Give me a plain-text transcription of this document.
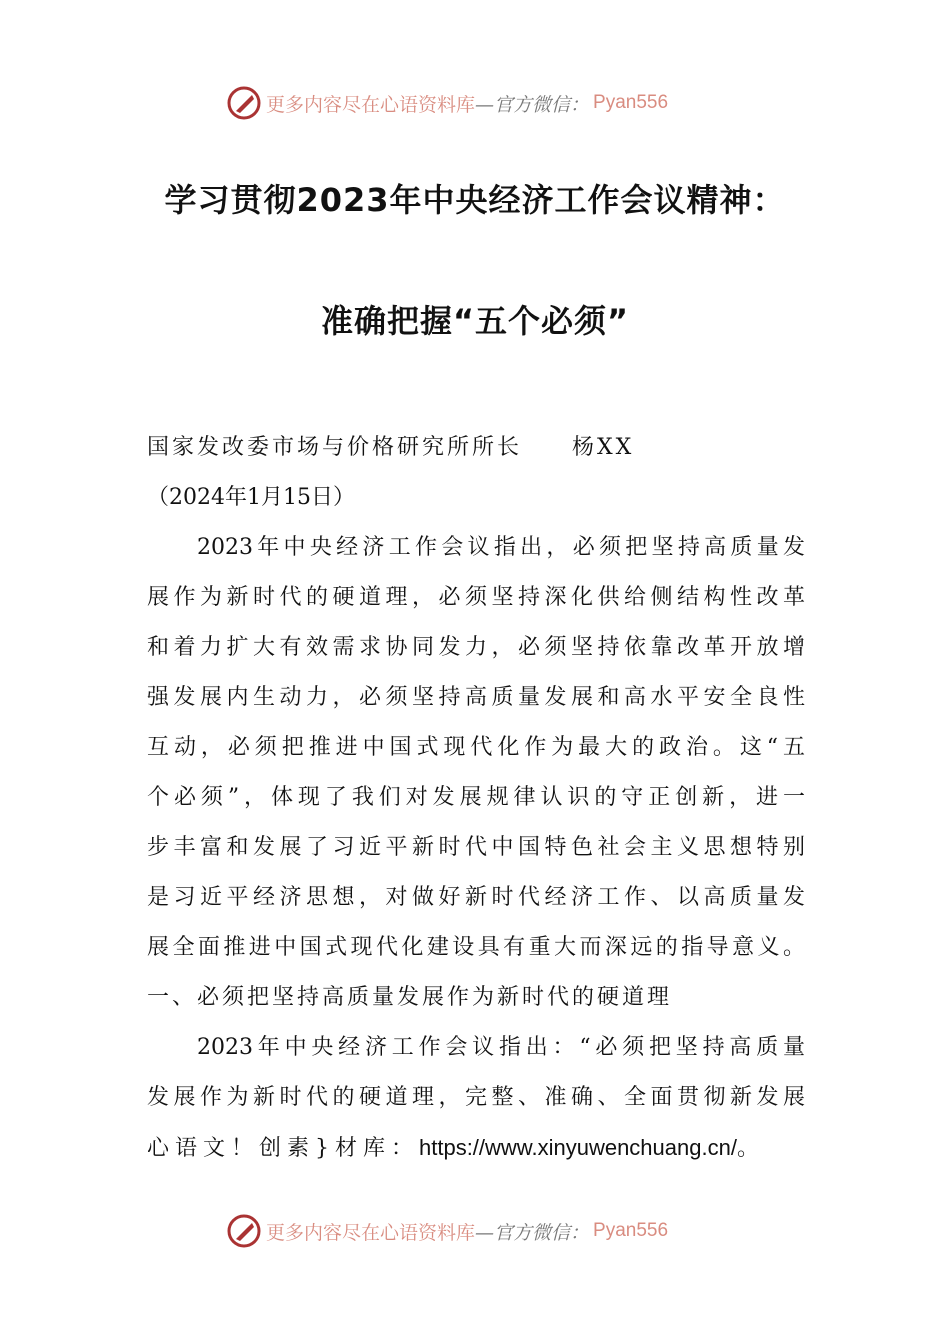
更多内容尽在心语资料库 —官方微信： Pyan556
学习贯彻2023年中央经济工作会议精神：
准确把握“五个必须”
国家发改委市场与价格研究所所长 杨XX
（2024年1月15日）
2023年中央经济工作会议指出，必须把坚持高质量发
展作为新时代的硬道理，必须坚持深化供给侧结构性改革
和着力扩大有效需求协同发力，必须坚持依靠改革开放增
强发展内生动力，必须坚持高质量发展和高水平安全良性
互动，必须把推进中国式现代化作为最大的政治。这“五
个必须”，体现了我们对发展规律认识的守正创新，进一
步丰富和发展了习近平新时代中国特色社会主义思想特别
是习近平经济思想，对做好新时代经济工作、以高质量发
展全面推进中国式现代化建设具有重大而深远的指导意义。
一、必须把坚持高质量发展作为新时代的硬道理
2023年中央经济工作会议指出：“必须把坚持高质量
发展作为新时代的硬道理，完整、准确、全面贯彻新发展
心语文！创素}材库：https://www.xinyuwenchuang.cn/。
更多内容尽在心语资料库 —官方微信： Pyan556
